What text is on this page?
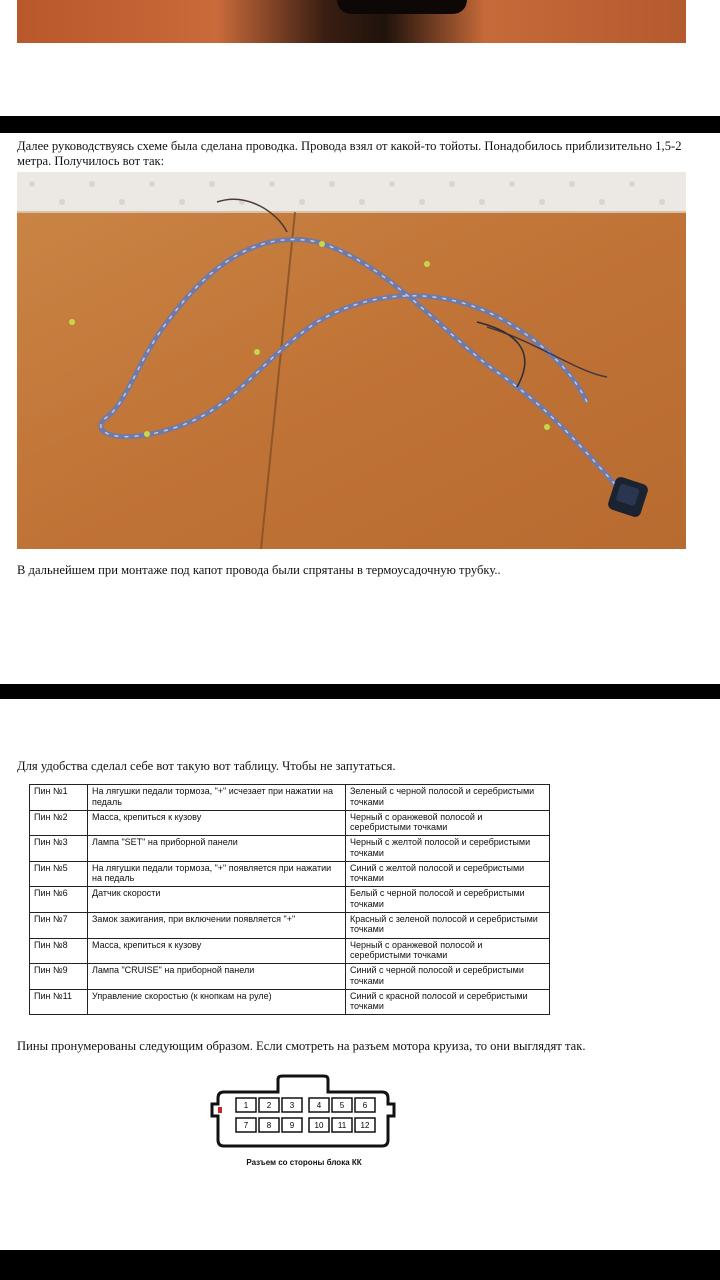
Далее руководствуясь схеме была сделана проводка. Провода взял от какой-то тойоты. Понадобилось приблизительно 1,5-2 метра. Получилось вот так:

В дальнейшем при монтаже под капот провода были спрятаны в термоусадочную трубку..

Для удобства сделал себе вот такую вот таблицу. Чтобы не запутаться.

Пин №1	На лягушки педали тормоза, "+" исчезает при нажатии на педаль	Зеленый с черной полосой и серебристыми точками
Пин №2	Масса, крепиться к кузову	Черный с оранжевой полосой и серебристыми точками
Пин №3	Лампа "SET" на приборной панели	Черный с желтой полосой и серебристыми точками
Пин №5	На лягушки педали тормоза, "+" появляется при нажатии на педаль	Синий с желтой полосой и серебристыми точками
Пин №6	Датчик скорости	Белый с черной полосой и серебристыми точками
Пин №7	Замок зажигания, при включении появляется "+"	Красный с зеленой полосой и серебристыми точками
Пин №8	Масса, крепиться к кузову	Черный с оранжевой полосой и серебристыми точками
Пин №9	Лампа "CRUISE" на приборной панели	Синий с черной полосой и серебристыми точками
Пин №11	Управление скоростью (к кнопкам на руле)	Синий с красной полосой и серебристыми точками

Пины пронумерованы следующим образом. Если смотреть на разъем мотора круиза, то они выглядят так.

1 2 3	4 5 6
7 8 9	10 11 12
Разъем со стороны блока КК
